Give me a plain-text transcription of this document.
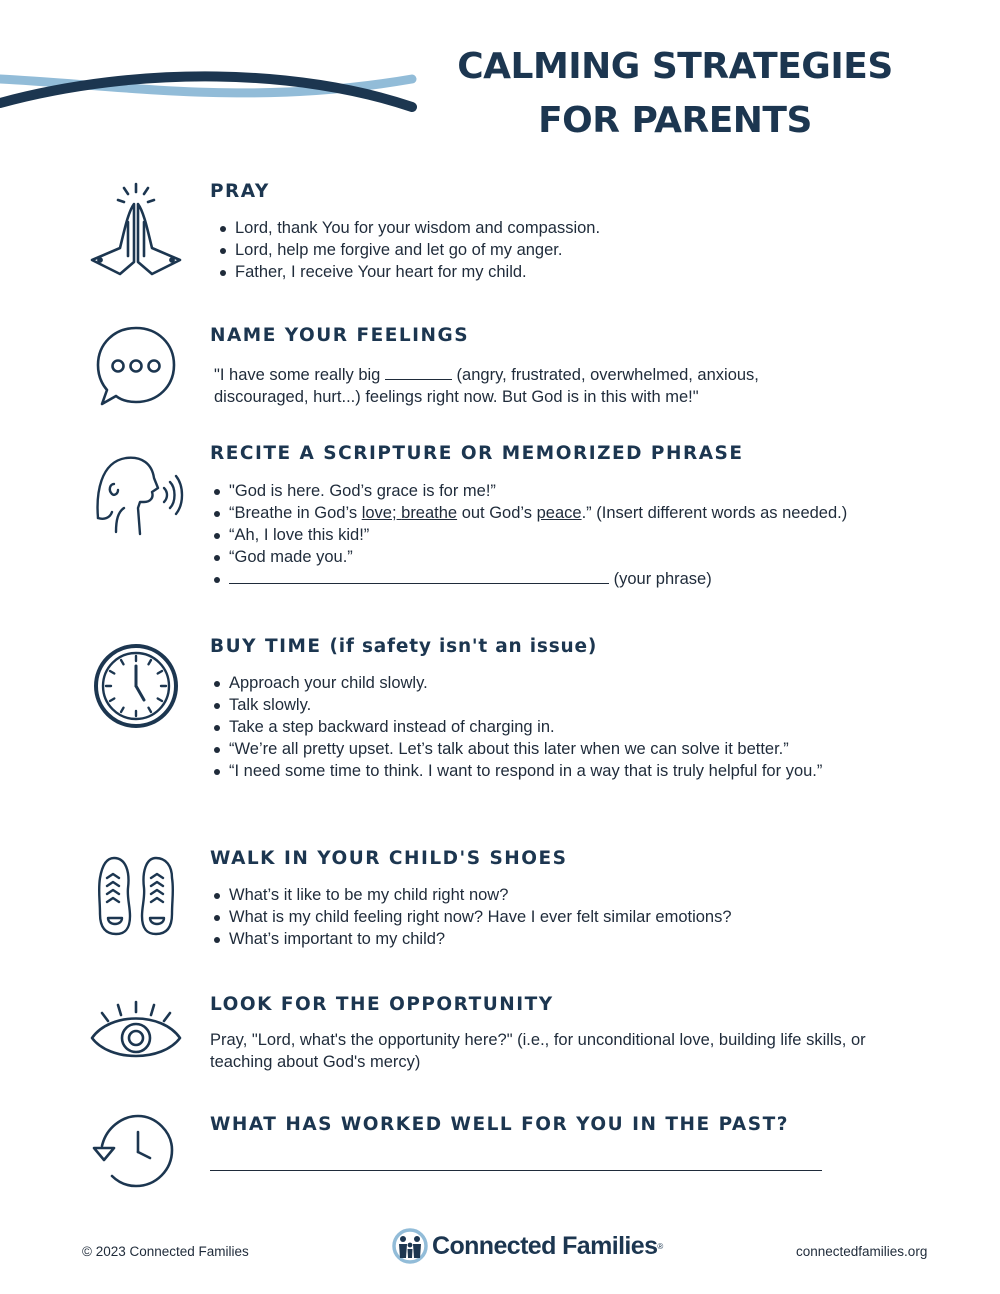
CALMING STRATEGIES
FOR PARENTS
PRAY
Lord, thank You for your wisdom and compassion.
Lord, help me forgive and let go of my anger.
Father, I receive Your heart for my child.
NAME YOUR FEELINGS
"I have some really big	(angry, frustrated, overwhelmed, anxious,
discouraged, hurt...) feelings right now. But God is in this with me!"
RECITE A SCRIPTURE OR MEMORIZED PHRASE
"God is here. God’s grace is for me!”
“Breathe in God’s love; breathe out God’s peace.” (Insert different words as needed.)
“Ah, I love this kid!”
“God made you.”
(your phrase)
BUY TIME (if safety isn't an issue)
Approach your child slowly.
Talk slowly.
Take a step backward instead of charging in.
“We’re all pretty upset. Let’s talk about this later when we can solve it better.”
“I need some time to think. I want to respond in a way that is truly helpful for you.”
WALK IN YOUR CHILD'S SHOES
What’s it like to be my child right now?
What is my child feeling right now? Have I ever felt similar emotions?
What’s important to my child?
LOOK FOR THE OPPORTUNITY
Pray, "Lord, what's the opportunity here?" (i.e., for unconditional love, building life skills, or
teaching about God's mercy)
WHAT HAS WORKED WELL FOR YOU IN THE PAST?
© 2023 Connected Families	Connected Families ®	connectedfamilies.org
